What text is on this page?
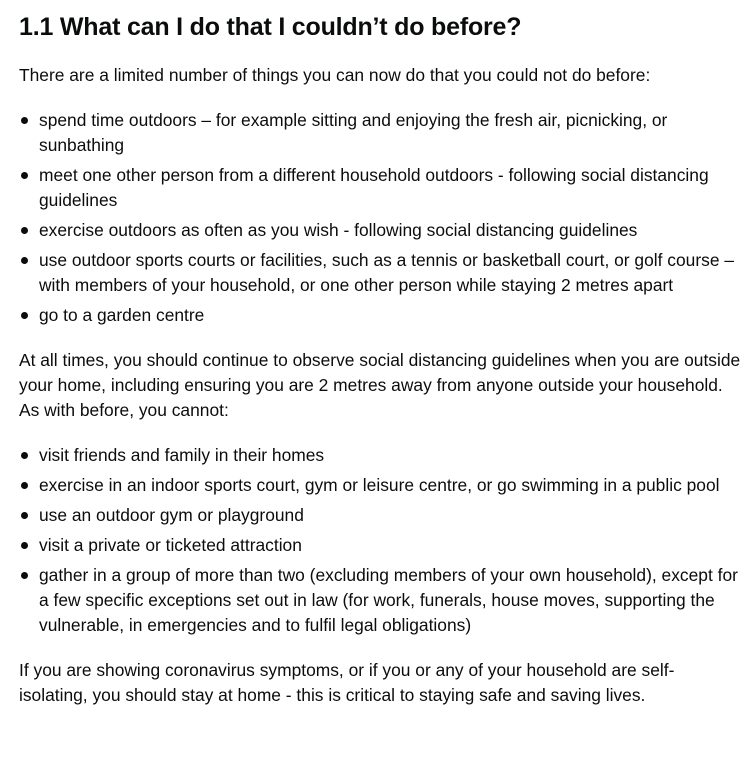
1.1 What can I do that I couldn’t do before?

There are a limited number of things you can now do that you could not do before:

spend time outdoors – for example sitting and enjoying the fresh air, picnicking, or sunbathing
meet one other person from a different household outdoors - following social distancing guidelines
exercise outdoors as often as you wish - following social distancing guidelines
use outdoor sports courts or facilities, such as a tennis or basketball court, or golf course – with members of your household, or one other person while staying 2 metres apart
go to a garden centre

At all times, you should continue to observe social distancing guidelines when you are outside your home, including ensuring you are 2 metres away from anyone outside your household. As with before, you cannot:

visit friends and family in their homes
exercise in an indoor sports court, gym or leisure centre, or go swimming in a public pool
use an outdoor gym or playground
visit a private or ticketed attraction
gather in a group of more than two (excluding members of your own household), except for a few specific exceptions set out in law (for work, funerals, house moves, supporting the vulnerable, in emergencies and to fulfil legal obligations)

If you are showing coronavirus symptoms, or if you or any of your household are self-isolating, you should stay at home - this is critical to staying safe and saving lives.
